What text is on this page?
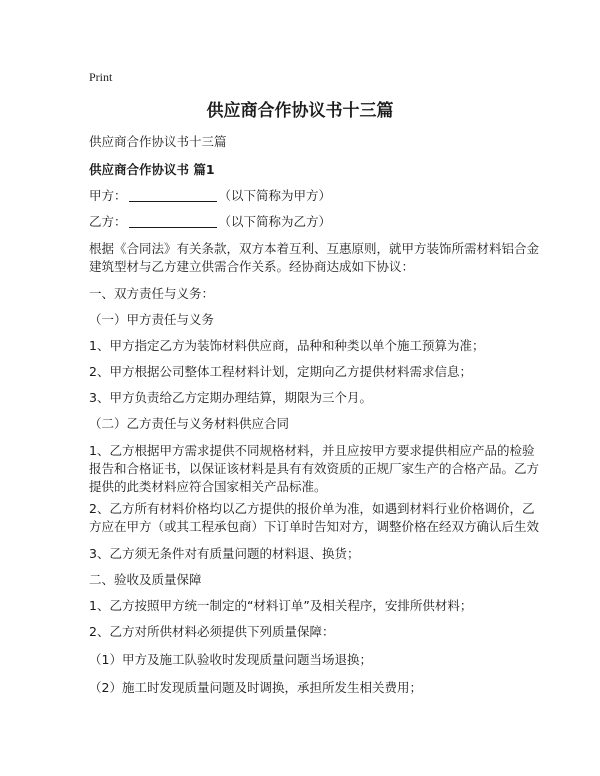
Print
供应商合作协议书十三篇
供应商合作协议书十三篇
供应商合作协议书 篇1
甲方：	（以下简称为甲方）
乙方：	（以下简称为乙方）
根据《合同法》有关条款，双方本着互利、互惠原则，就甲方装饰所需材料铝合金
建筑型材与乙方建立供需合作关系。经协商达成如下协议：
一、双方责任与义务：
（一）甲方责任与义务
1、甲方指定乙方为装饰材料供应商，品种和种类以单个施工预算为准；
2、甲方根据公司整体工程材料计划，定期向乙方提供材料需求信息；
3、甲方负责给乙方定期办理结算，期限为三个月。
（二）乙方责任与义务材料供应合同
1、乙方根据甲方需求提供不同规格材料，并且应按甲方要求提供相应产品的检验
报告和合格证书，以保证该材料是具有有效资质的正规厂家生产的合格产品。乙方
提供的此类材料应符合国家相关产品标准。
2、乙方所有材料价格均以乙方提供的报价单为准，如遇到材料行业价格调价，乙
方应在甲方（或其工程承包商）下订单时告知对方，调整价格在经双方确认后生效
3、乙方须无条件对有质量问题的材料退、换货；
二、验收及质量保障
1、乙方按照甲方统一制定的“材料订单”及相关程序，安排所供材料；
2、乙方对所供材料必须提供下列质量保障：
（1）甲方及施工队验收时发现质量问题当场退换；
（2）施工时发现质量问题及时调换，承担所发生相关费用；
